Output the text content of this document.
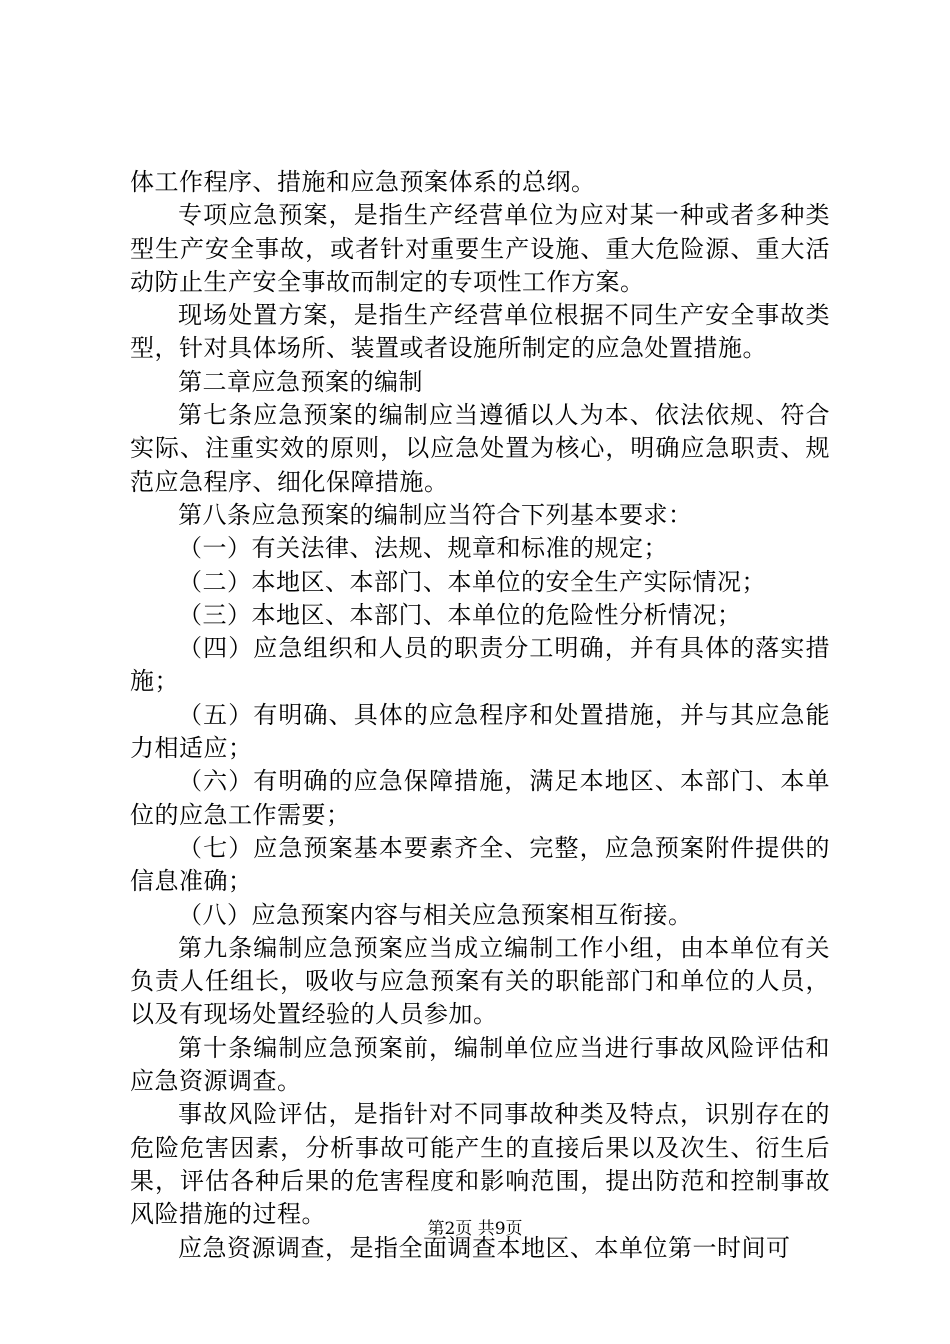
体工作程序、措施和应急预案体系的总纲。

专项应急预案，是指生产经营单位为应对某一种或者多种类型生产安全事故，或者针对重要生产设施、重大危险源、重大活动防止生产安全事故而制定的专项性工作方案。

现场处置方案，是指生产经营单位根据不同生产安全事故类型，针对具体场所、装置或者设施所制定的应急处置措施。

第二章应急预案的编制

第七条应急预案的编制应当遵循以人为本、依法依规、符合实际、注重实效的原则，以应急处置为核心，明确应急职责、规范应急程序、细化保障措施。

第八条应急预案的编制应当符合下列基本要求：

（一）有关法律、法规、规章和标准的规定；

（二）本地区、本部门、本单位的安全生产实际情况；

（三）本地区、本部门、本单位的危险性分析情况；

（四）应急组织和人员的职责分工明确，并有具体的落实措施；

（五）有明确、具体的应急程序和处置措施，并与其应急能力相适应；

（六）有明确的应急保障措施，满足本地区、本部门、本单位的应急工作需要；

（七）应急预案基本要素齐全、完整，应急预案附件提供的信息准确；

（八）应急预案内容与相关应急预案相互衔接。

第九条编制应急预案应当成立编制工作小组，由本单位有关负责人任组长，吸收与应急预案有关的职能部门和单位的人员，以及有现场处置经验的人员参加。

第十条编制应急预案前，编制单位应当进行事故风险评估和应急资源调查。

事故风险评估，是指针对不同事故种类及特点，识别存在的危险危害因素，分析事故可能产生的直接后果以及次生、衍生后果，评估各种后果的危害程度和影响范围，提出防范和控制事故风险措施的过程。

应急资源调查，是指全面调查本地区、本单位第一时间可

第2页 共9页
